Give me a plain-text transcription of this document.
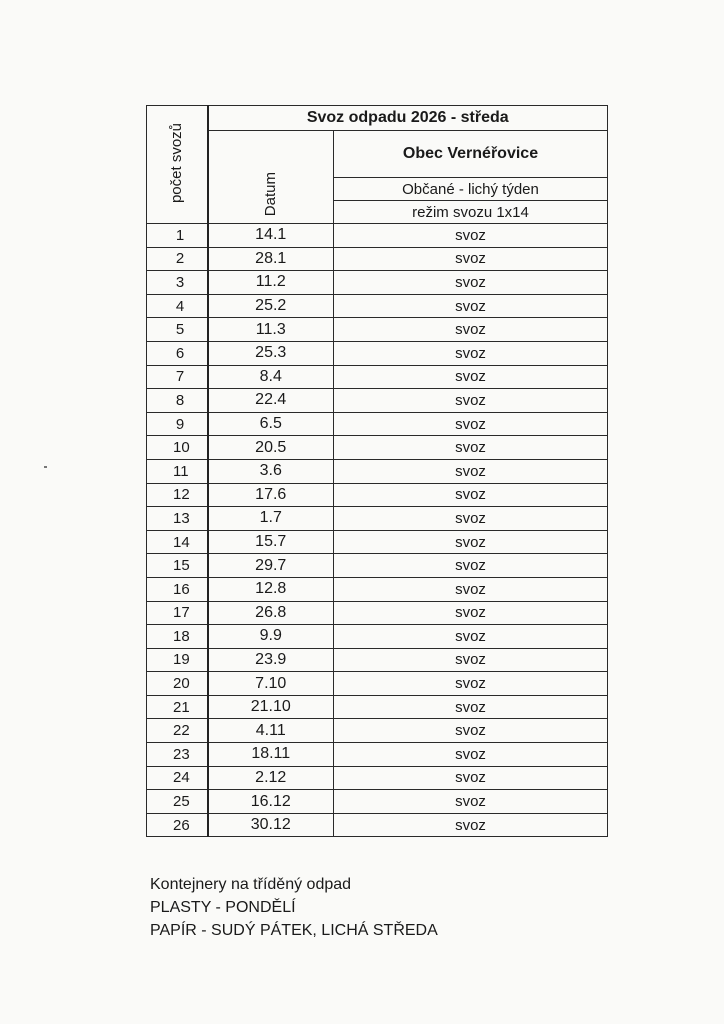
počet svozů	Svoz odpadu 2026 - středa	
	Datum	Obec Vernéřovice
		Občané - lichý týden
		režim svozu 1x14

1	14.1	svoz

2	28.1	svoz

3	11.2	svoz

4	25.2	svoz

5	11.3	svoz

6	25.3	svoz

7	8.4	svoz

8	22.4	svoz

9	6.5	svoz

10	20.5	svoz

11	3.6	svoz

12	17.6	svoz

13	1.7	svoz

14	15.7	svoz

15	29.7	svoz

16	12.8	svoz

17	26.8	svoz

18	9.9	svoz

19	23.9	svoz

20	7.10	svoz

21	21.10	svoz

22	4.11	svoz

23	18.11	svoz

24	2.12	svoz

25	16.12	svoz

26	30.12	svoz
Kontejnery na tříděný odpad
PLASTY - PONDĚLÍ
PAPÍR - SUDÝ PÁTEK, LICHÁ STŘEDA
